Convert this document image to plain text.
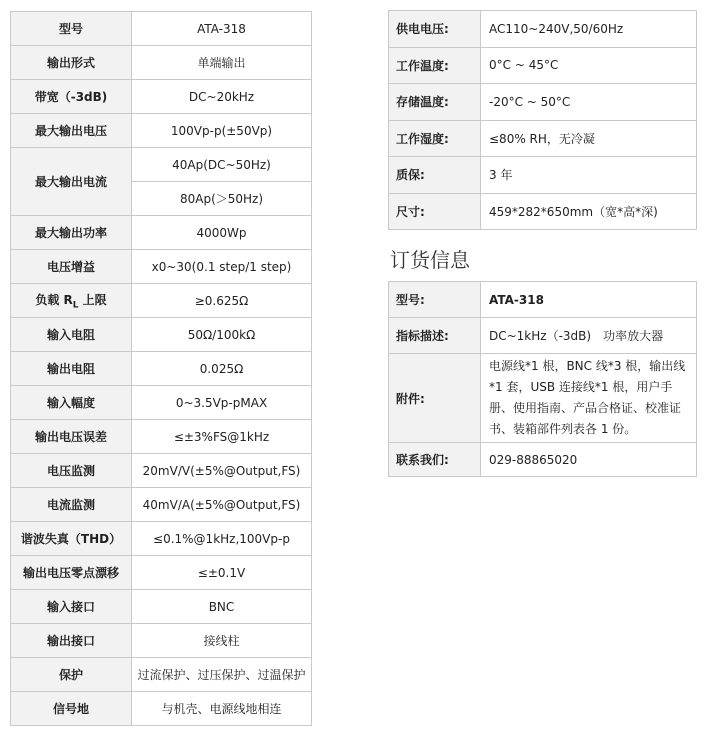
型号	ATA-318
输出形式	单端输出
带宽（-3dB)	DC~20kHz
最大输出电压	100Vp-p(±50Vp)
最大输出电流	40Ap(DC~50Hz)
	80Ap(＞50Hz)
最大输出功率	4000Wp
电压增益	x0~30(0.1 step/1 step)
负载 $R_L$ 上限	≥0.625Ω
输入电阻	50Ω/100kΩ
输出电阻	0.025Ω
输入幅度	0~3.5Vp-pMAX
输出电压误差	≤±3%FS@1kHz
电压监测	20mV/V(±5%@Output,FS)
电流监测	40mV/A(±5%@Output,FS)
谐波失真（THD）	≤0.1%@1kHz,100Vp-p
输出电压零点漂移	≤±0.1V
输入接口	BNC
输出接口	接线柱
保护	过流保护、过压保护、过温保护
信号地	与机壳、电源线地相连
供电电压:	AC110~240V,50/60Hz
工作温度:	0°C ~ 45°C
存储温度:	-20°C ~ 50°C
工作湿度:	≤80% RH，无冷凝
质保:	3 年
尺寸:	459*282*650mm（宽*高*深)
订货信息
型号:	ATA-318
指标描述:	DC~1kHz（-3dB)　功率放大器
附件:	电源线*1 根，BNC 线*3 根，输出线*1 套，USB 连接线*1 根，用户手册、使用指南、产品合格证、校准证书、装箱部件列表各 1 份。
联系我们:	029-88865020
